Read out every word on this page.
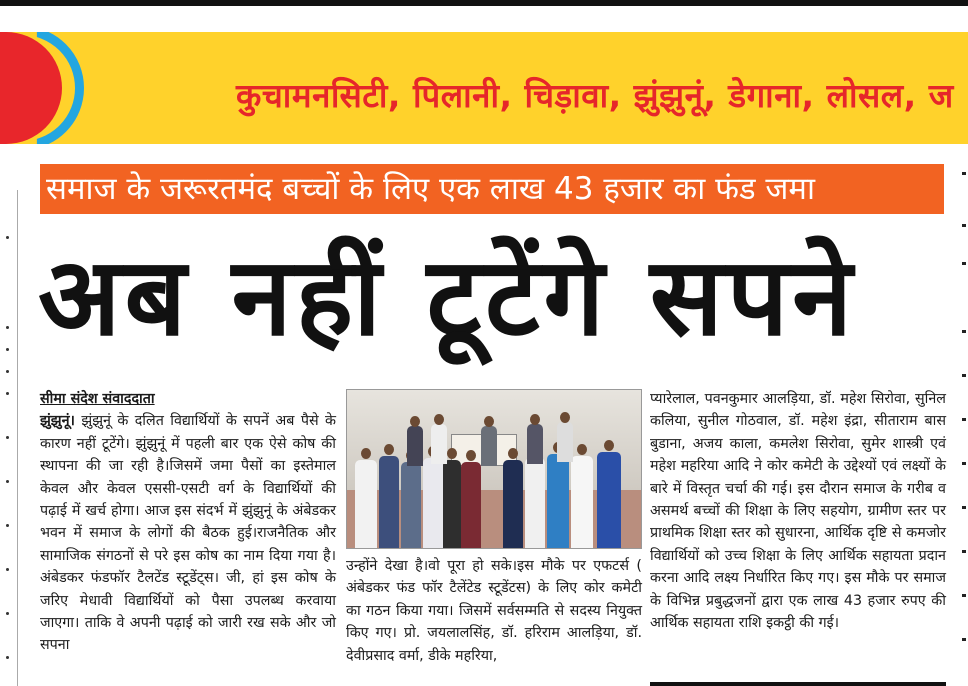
कुचामनसिटी, पिलानी, चिड़ावा, झुंझुनूं, डेगाना, लोसल, ज
समाज के जरूरतमंद बच्चों के लिए एक लाख 43 हजार का फंड जमा
अब नहीं टूटेंगे सपने
सीमा संदेश संवाददाता
झुंझुनूं। झुंझुनूं के दलित विद्यार्थियों के सपनें अब पैसे के कारण नहीं टूटेंगे। झुंझुनूं में पहली बार एक ऐसे कोष की स्थापना की जा रही है।जिसमें जमा पैसों का इस्तेमाल केवल और केवल एससी-एसटी वर्ग के विद्यार्थियों की पढ़ाई में खर्च होगा। आज इस संदर्भ में झुंझुनूं के अंबेडकर भवन में समाज के लोगों की बैठक हुई।राजनैतिक और सामाजिक संगठनों से परे इस कोष का नाम दिया गया है। अंबेडकर फंडफॉर टैलटेंड स्टूडेंट्स। जी, हां इस कोष के जरिए मेधावी विद्यार्थियों को पैसा उपलब्ध करवाया जाएगा। ताकि वे अपनी पढ़ाई को जारी रख सके और जो सपना
उन्होंने देखा है।वो पूरा हो सके।इस मौके पर एफटर्स ( अंबेडकर फंड फॉर टैलेंटेड स्टूडेंटस) के लिए कोर कमेटी का गठन किया गया। जिसमें सर्वसम्मति से सदस्य नियुक्त किए गए। प्रो. जयलालसिंह, डॉ. हरिराम आलड़िया, डॉ. देवीप्रसाद वर्मा, डीके महरिया,
प्यारेलाल, पवनकुमार आलड़िया, डॉ. महेश सिरोवा, सुनिल कलिया, सुनील गोठवाल, डॉ. महेश इंद्रा, सीताराम बास बुडाना, अजय काला, कमलेश सिरोवा, सुमेर शास्त्री एवं महेश महरिया आदि ने कोर कमेटी के उद्देश्यों एवं लक्ष्यों के बारे में विस्तृत चर्चा की गई। इस दौरान समाज के गरीब व असमर्थ बच्चों की शिक्षा के लिए सहयोग, ग्रामीण स्तर पर प्राथमिक शिक्षा स्तर को सुधारना, आर्थिक दृष्टि से कमजोर विद्यार्थियों को उच्च शिक्षा के लिए आर्थिक सहायता प्रदान करना आदि लक्ष्य निर्धारित किए गए। इस मौके पर समाज के विभिन्न प्रबुद्धजनों द्वारा एक लाख 43 हजार रुपए की आर्थिक सहायता राशि इकट्ठी की गई।
